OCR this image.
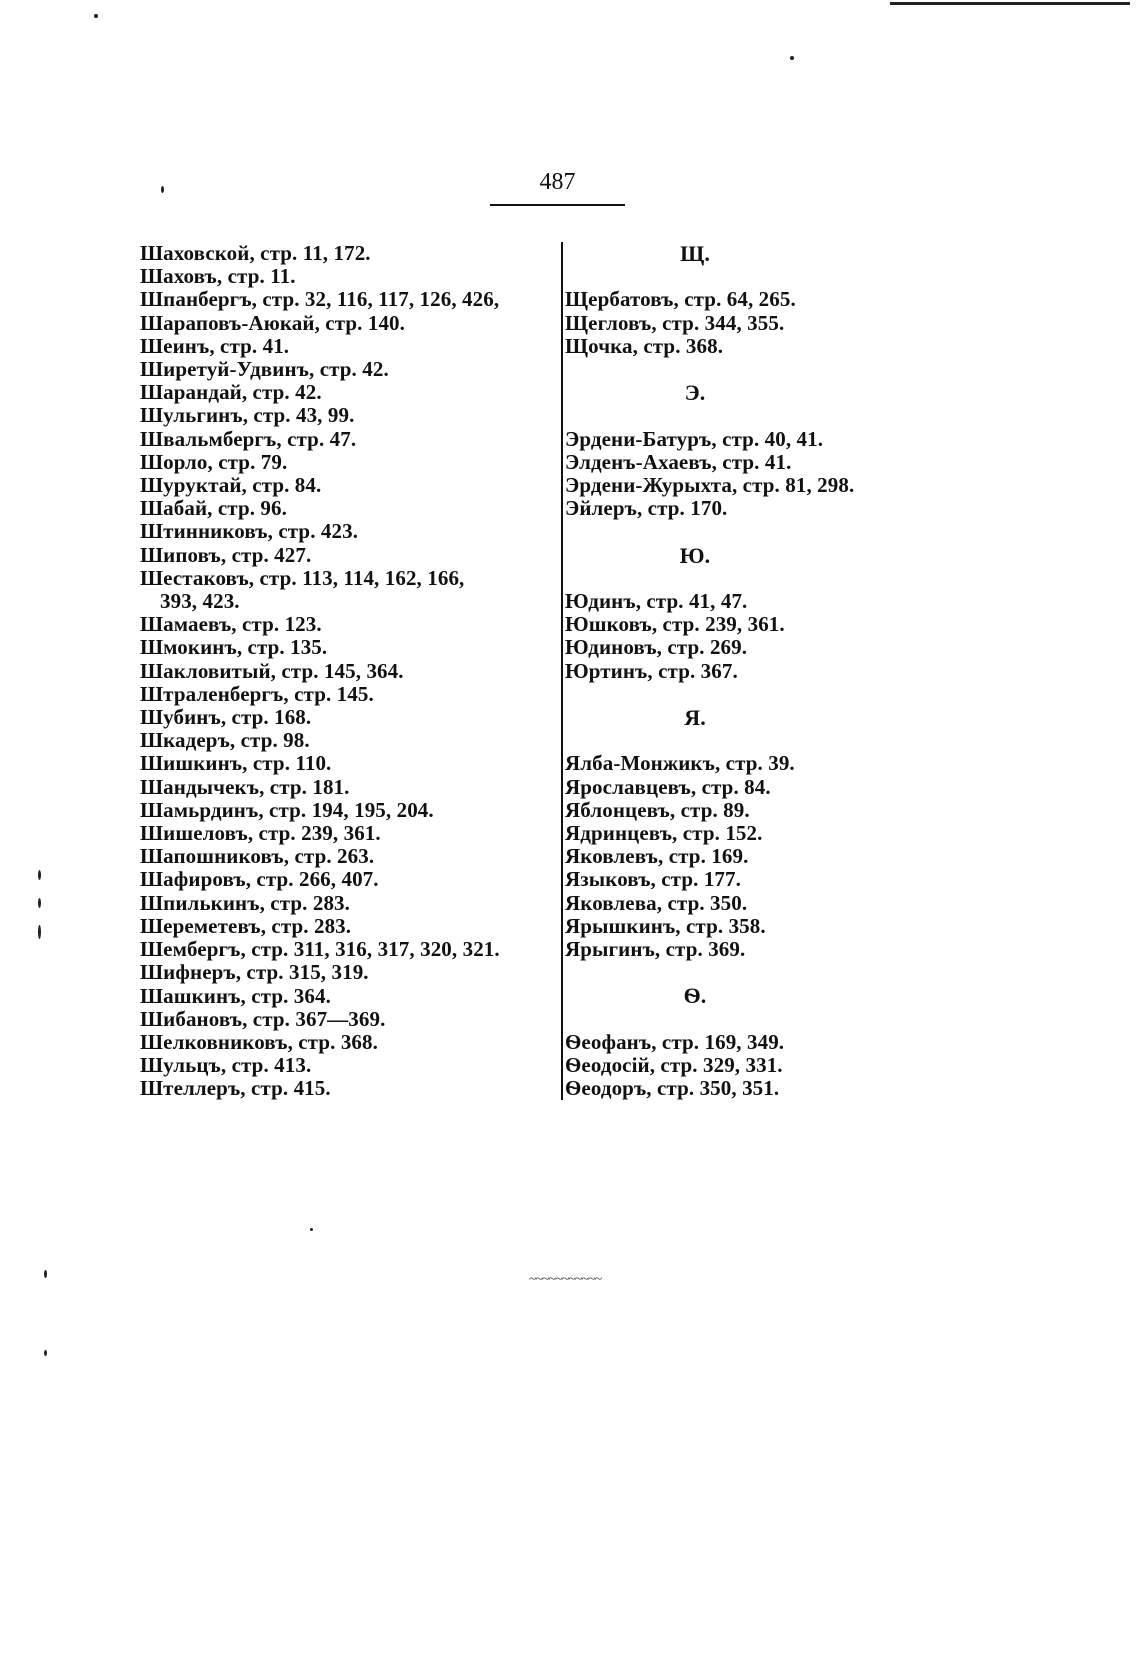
487
Шаховской, стр. 11, 172.
Шаховъ, стр. 11.
Шпанбергъ, стр. 32, 116, 117, 126, 426,
Шараповъ-Аюкай, стр. 140.
Шеинъ, стр. 41.
Ширетуй-Удвинъ, стр. 42.
Шарандай, стр. 42.
Шульгинъ, стр. 43, 99.
Швальмбергъ, стр. 47.
Шорло, стр. 79.
Шуруктай, стр. 84.
Шабай, стр. 96.
Штинниковъ, стр. 423.
Шиповъ, стр. 427.
Шестаковъ, стр. 113, 114, 162, 166,
393, 423.
Шамаевъ, стр. 123.
Шмокинъ, стр. 135.
Шакловитый, стр. 145, 364.
Штраленбергъ, стр. 145.
Шубинъ, стр. 168.
Шкадеръ, стр. 98.
Шишкинъ, стр. 110.
Шандычекъ, стр. 181.
Шамьрдинъ, стр. 194, 195, 204.
Шишеловъ, стр. 239, 361.
Шапошниковъ, стр. 263.
Шафировъ, стр. 266, 407.
Шпилькинъ, стр. 283.
Шереметевъ, стр. 283.
Шембергъ, стр. 311, 316, 317, 320, 321.
Шифнеръ, стр. 315, 319.
Шашкинъ, стр. 364.
Шибановъ, стр. 367—369.
Шелковниковъ, стр. 368.
Шульцъ, стр. 413.
Штеллеръ, стр. 415.
Щ.
Щербатовъ, стр. 64, 265.
Щегловъ, стр. 344, 355.
Щочка, стр. 368.
Э.
Эрдени-Батуръ, стр. 40, 41.
Элденъ-Ахаевъ, стр. 41.
Эрдени-Журыхта, стр. 81, 298.
Эйлеръ, стр. 170.
Ю.
Юдинъ, стр. 41, 47.
Юшковъ, стр. 239, 361.
Юдиновъ, стр. 269.
Юртинъ, стр. 367.
Я.
Ялба-Монжикъ, стр. 39.
Ярославцевъ, стр. 84.
Яблонцевъ, стр. 89.
Ядринцевъ, стр. 152.
Яковлевъ, стр. 169.
Языковъ, стр. 177.
Яковлева, стр. 350.
Ярышкинъ, стр. 358.
Ярыгинъ, стр. 369.
Ѳ.
Ѳеофанъ, стр. 169, 349.
Ѳеодосій, стр. 329, 331.
Ѳеодоръ, стр. 350, 351.
~~~~~~~~~~~
